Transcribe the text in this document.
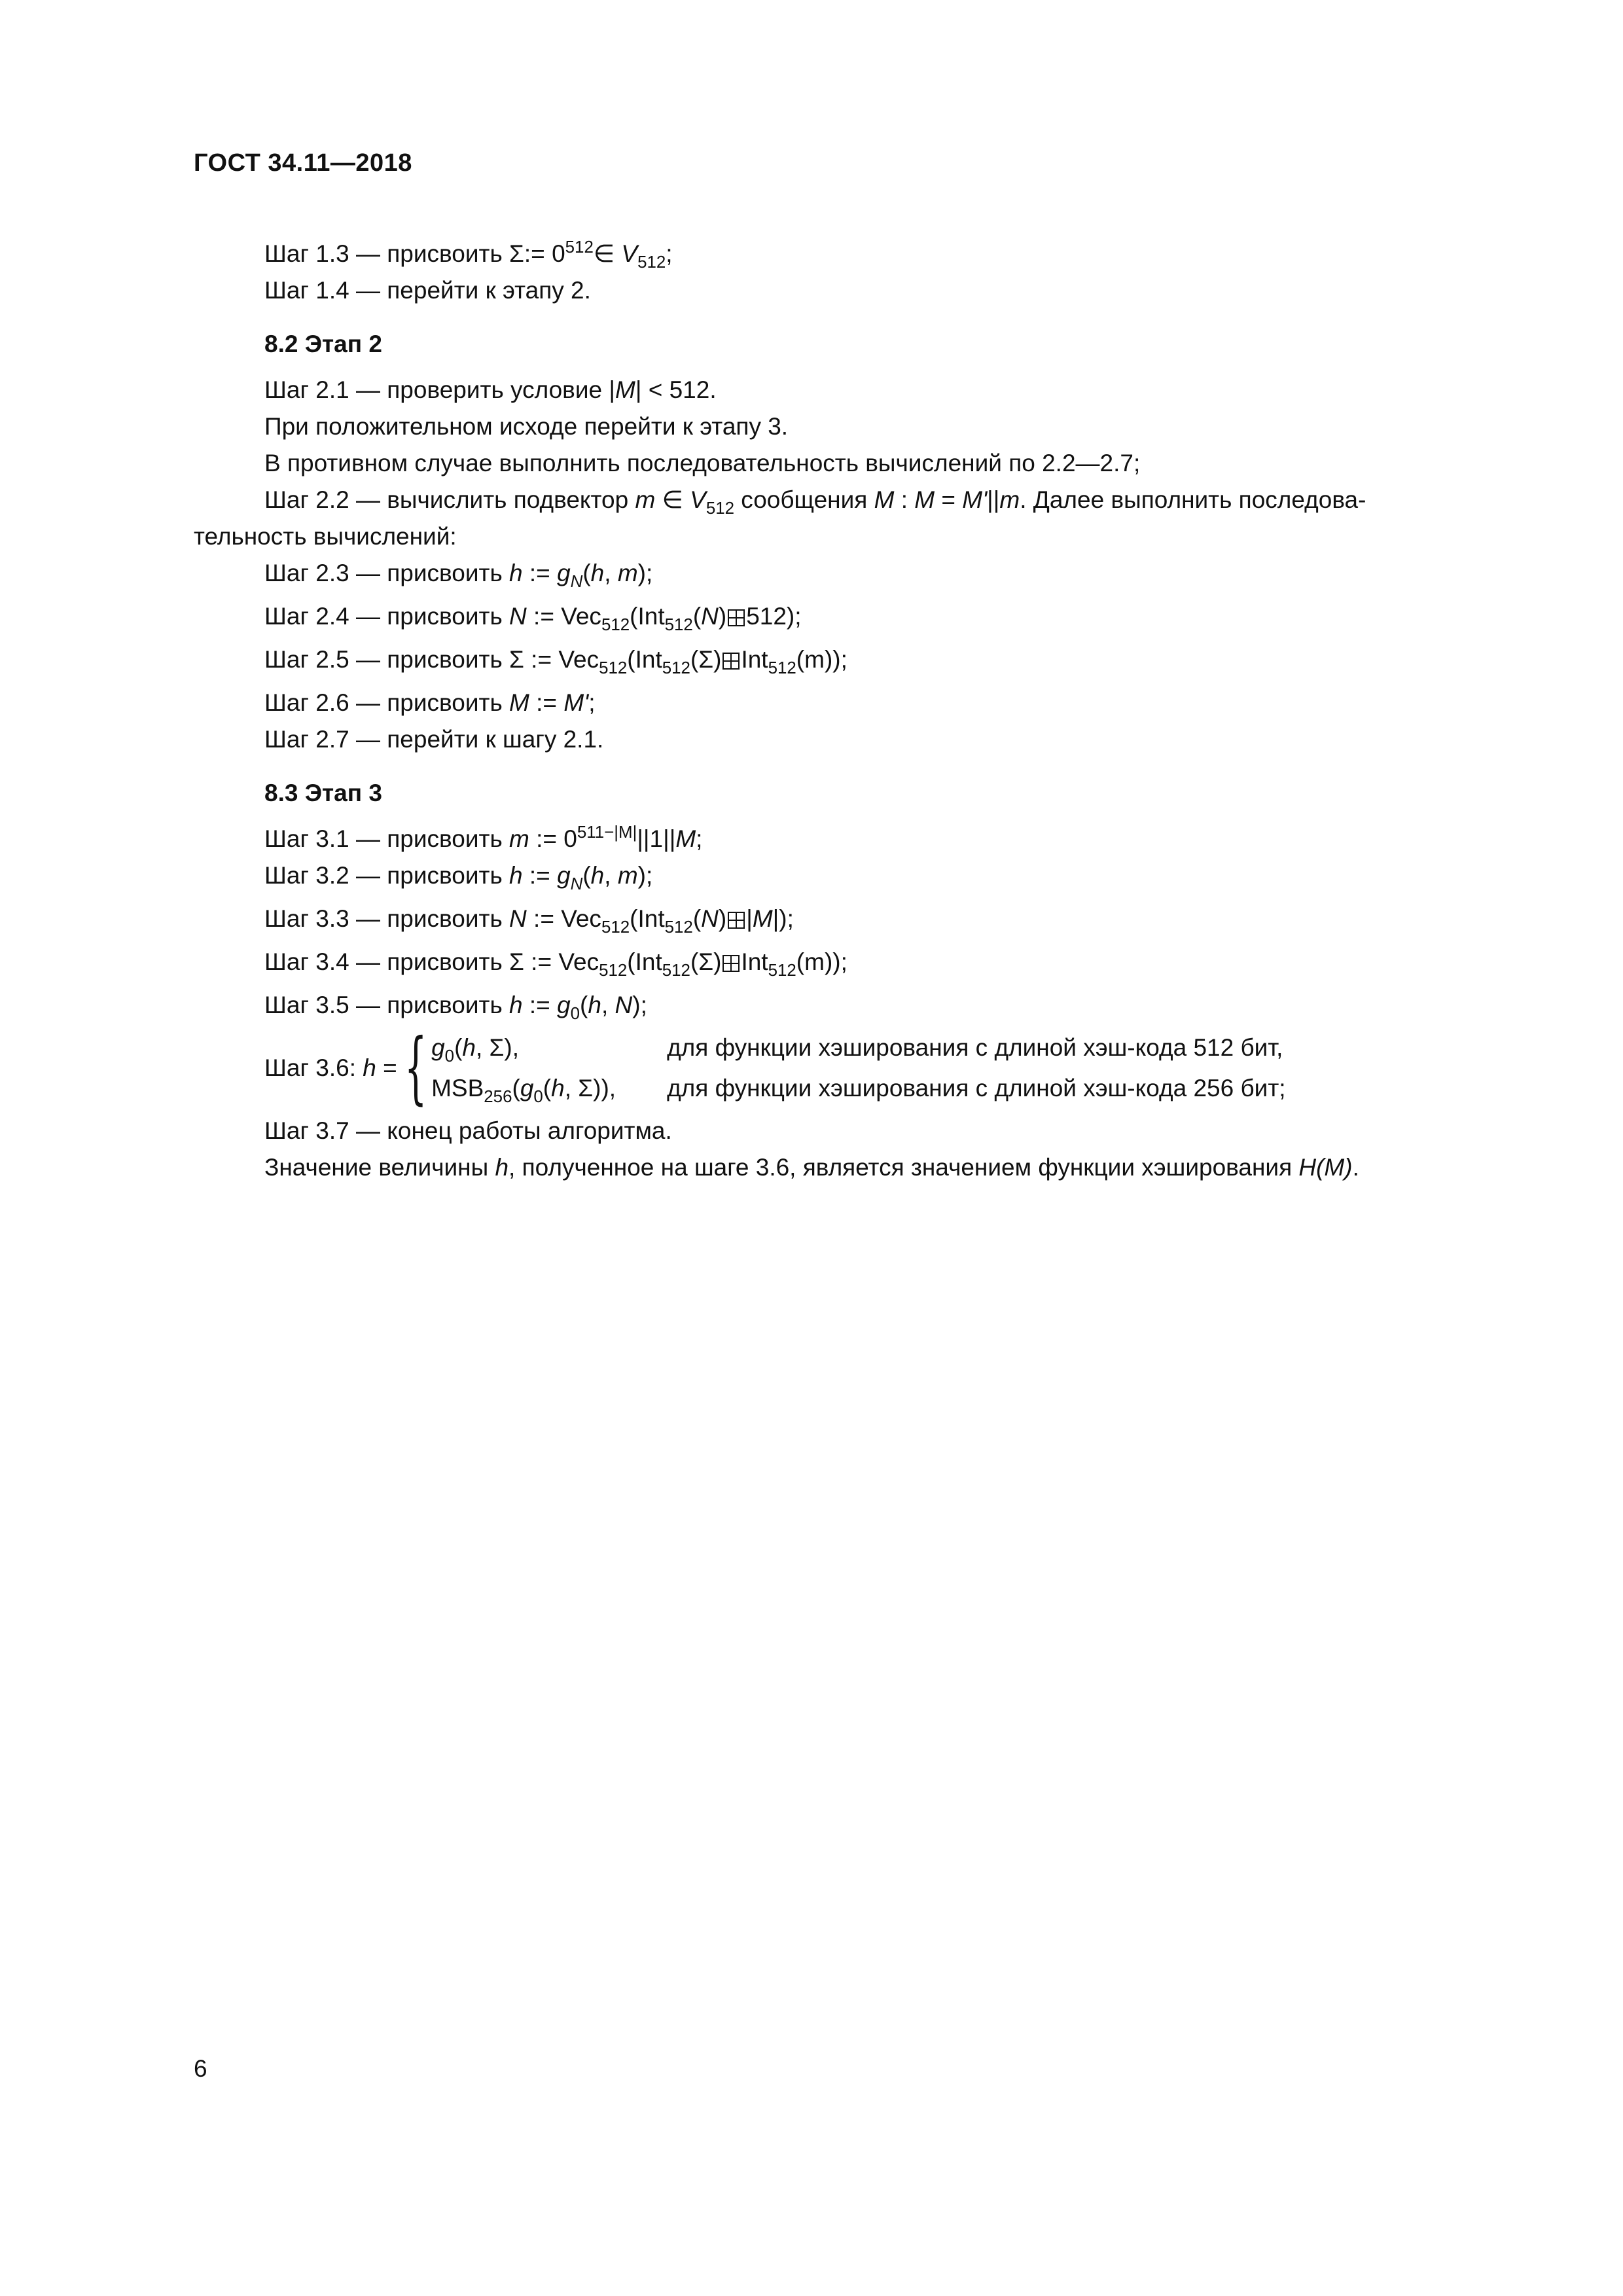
ГОСТ 34.11—2018
Шаг 1.3 — присвоить Σ:= $0^{512}\in$ $V_{512}$;
Шаг 1.4 — перейти к этапу 2.
8.2 Этап 2
Шаг 2.1 — проверить условие |M| < 512.
При положительном исходе перейти к этапу 3.
В противном случае выполнить последовательность вычислений по 2.2—2.7;
Шаг 2.2 — вычислить подвектор m ∈ $V_{512}$ сообщения M : M = M'||m. Далее выполнить последова-
тельность вычислений:
Шаг 2.3 — присвоить h := $g_N(h$, m);
Шаг 2.4 — присвоить N := Vec$_{512}$(Int$_{512}$(N) 512);
Шаг 2.5 — присвоить Σ := Vec$_{512}$(Int$_{512}$(Σ) Int$_{512}$(m));
Шаг 2.6 — присвоить M := M';
Шаг 2.7 — перейти к шагу 2.1.
8.3 Этап 3
Шаг 3.1 — присвоить m := $0^{511-|M|}||1||M$;
Шаг 3.2 — присвоить h := $g_N(h$, m);
Шаг 3.3 — присвоить N := Vec$_{512}$(Int$_{512}$(N) |M|);
Шаг 3.4 — присвоить Σ := Vec$_{512}$(Int$_{512}$(Σ) Int$_{512}$(m));
Шаг 3.5 — присвоить h := $g_0(h$, N);
Шаг 3.6: h = { $g_0(h$, Σ),	для функции хэширования с длиной хэш-кода 512 бит,
$MSB_{256}(g_0(h$, Σ)),	для функции хэширования с длиной хэш-кода 256 бит;
Шаг 3.7 — конец работы алгоритма.
Значение величины h, полученное на шаге 3.6, является значением функции хэширования H(M).
6
